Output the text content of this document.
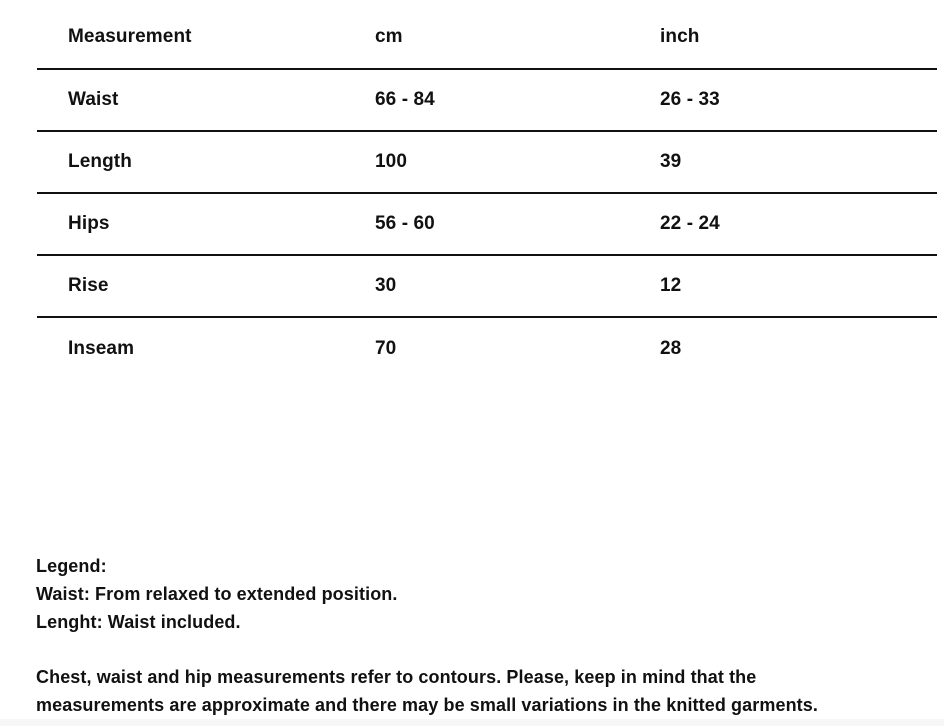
Measurement	cm	inch
Waist	66 - 84	26 - 33
Length	100	39
Hips	56 - 60	22 - 24
Rise	30	12
Inseam	70	28
Legend:
Waist: From relaxed to extended position.
Lenght: Waist included.
Chest, waist and hip measurements refer to contours. Please, keep in mind that the measurements are approximate and there may be small variations in the knitted garments.
